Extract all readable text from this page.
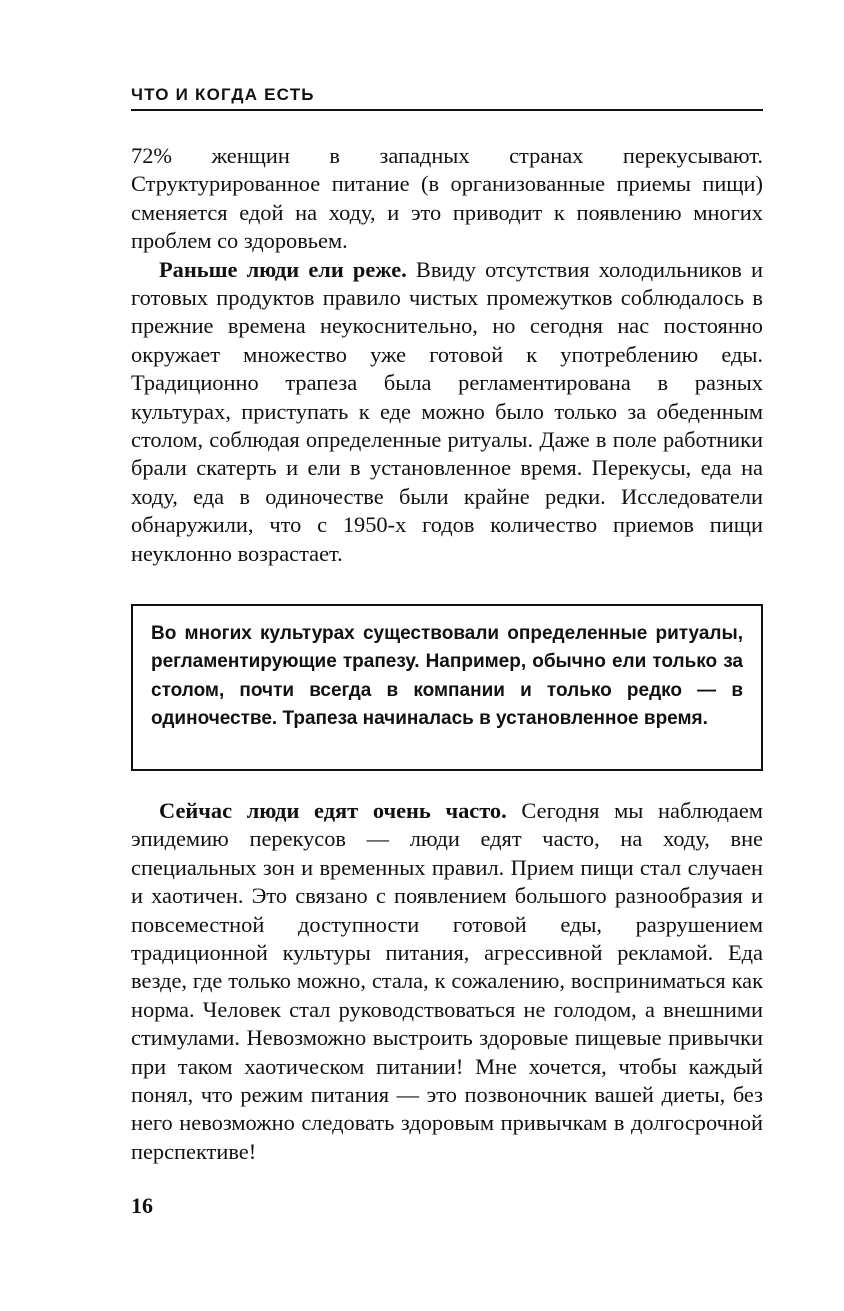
ЧТО И КОГДА ЕСТЬ

72% женщин в западных странах перекусывают. Структурированное питание (в организованные приемы пищи) сменяется едой на ходу, и это приводит к появлению многих проблем со здоровьем.

Раньше люди ели реже. Ввиду отсутствия холодильников и готовых продуктов правило чистых промежутков соблюдалось в прежние времена неукоснительно, но сегодня нас постоянно окружает множество уже готовой к употреблению еды. Традиционно трапеза была регламентирована в разных культурах, приступать к еде можно было только за обеденным столом, соблюдая определенные ритуалы. Даже в поле работники брали скатерть и ели в установленное время. Перекусы, еда на ходу, еда в одиночестве были крайне редки. Исследователи обнаружили, что с 1950-х годов количество приемов пищи неуклонно возрастает.

Во многих культурах существовали определенные ритуалы, регламентирующие трапезу. Например, обычно ели только за столом, почти всегда в компании и только редко — в одиночестве. Трапеза начиналась в установленное время.

Сейчас люди едят очень часто. Сегодня мы наблюдаем эпидемию перекусов — люди едят часто, на ходу, вне специальных зон и временных правил. Прием пищи стал случаен и хаотичен. Это связано с появлением большого разнообразия и повсеместной доступности готовой еды, разрушением традиционной культуры питания, агрессивной рекламой. Еда везде, где только можно, стала, к сожалению, восприниматься как норма. Человек стал руководствоваться не голодом, а внешними стимулами. Невозможно выстроить здоровые пищевые привычки при таком хаотическом питании! Мне хочется, чтобы каждый понял, что режим питания — это позвоночник вашей диеты, без него невозможно следовать здоровым привычкам в долгосрочной перспективе!

16
